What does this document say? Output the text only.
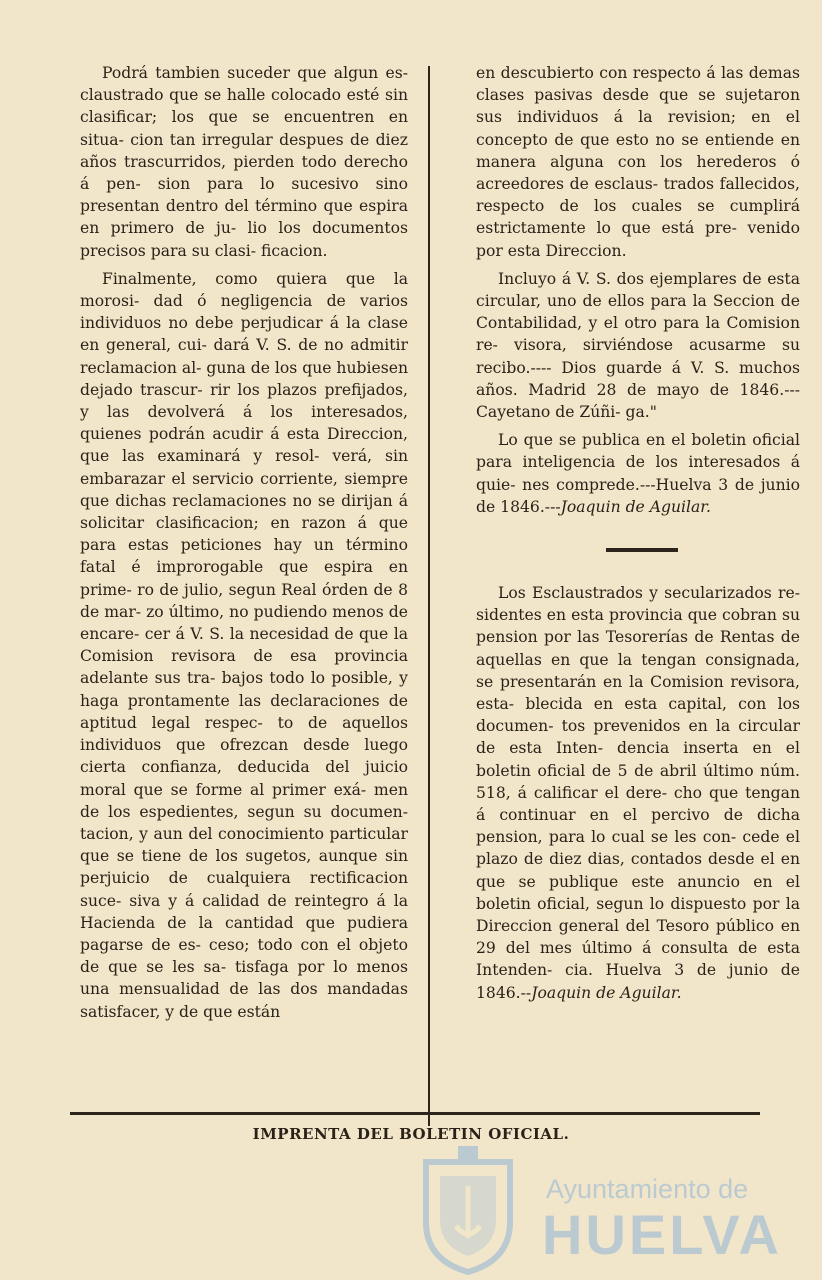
Podrá tambien suceder que algun es- claustrado que se halle colocado esté sin clasificar; los que se encuentren en situa- cion tan irregular despues de diez años trascurridos, pierden todo derecho á pen- sion para lo sucesivo sino presentan dentro del término que espira en primero de ju- lio los documentos precisos para su clasi- ficacion.

Finalmente, como quiera que la morosi- dad ó negligencia de varios individuos no debe perjudicar á la clase en general, cui- dará V. S. de no admitir reclamacion al- guna de los que hubiesen dejado trascur- rir los plazos prefijados, y las devolverá á los interesados, quienes podrán acudir á esta Direccion, que las examinará y resol- verá, sin embarazar el servicio corriente, siempre que dichas reclamaciones no se dirijan á solicitar clasificacion; en razon á que para estas peticiones hay un término fatal é improrogable que espira en prime- ro de julio, segun Real órden de 8 de mar- zo último, no pudiendo menos de encare- cer á V. S. la necesidad de que la Comision revisora de esa provincia adelante sus tra- bajos todo lo posible, y haga prontamente las declaraciones de aptitud legal respec- to de aquellos individuos que ofrezcan desde luego cierta confianza, deducida del juicio moral que se forme al primer exá- men de los espedientes, segun su documen- tacion, y aun del conocimiento particular que se tiene de los sugetos, aunque sin perjuicio de cualquiera rectificacion suce- siva y á calidad de reintegro á la Hacienda de la cantidad que pudiera pagarse de es- ceso; todo con el objeto de que se les sa- tisfaga por lo menos una mensualidad de las dos mandadas satisfacer, y de que están

en descubierto con respecto á las demas clases pasivas desde que se sujetaron sus individuos á la revision; en el concepto de que esto no se entiende en manera alguna con los herederos ó acreedores de esclaus- trados fallecidos, respecto de los cuales se cumplirá estrictamente lo que está pre- venido por esta Direccion.

Incluyo á V. S. dos ejemplares de esta circular, uno de ellos para la Seccion de Contabilidad, y el otro para la Comision re- visora, sirviéndose acusarme su recibo.---- Dios guarde á V. S. muchos años. Madrid 28 de mayo de 1846.---Cayetano de Zúñi- ga."

Lo que se publica en el boletin oficial para inteligencia de los interesados á quie- nes comprede.---Huelva 3 de junio de 1846.---Joaquin de Aguilar.

Los Esclaustrados y secularizados re- sidentes en esta provincia que cobran su pension por las Tesorerías de Rentas de aquellas en que la tengan consignada, se presentarán en la Comision revisora, esta- blecida en esta capital, con los documen- tos prevenidos en la circular de esta Inten- dencia inserta en el boletin oficial de 5 de abril último núm. 518, á calificar el dere- cho que tengan á continuar en el percivo de dicha pension, para lo cual se les con- cede el plazo de diez dias, contados desde el en que se publique este anuncio en el boletin oficial, segun lo dispuesto por la Direccion general del Tesoro público en 29 del mes último á consulta de esta Intenden- cia. Huelva 3 de junio de 1846.--Joaquin de Aguilar.

IMPRENTA DEL BOLETIN OFICIAL.
Ayuntamiento de
HUELVA
